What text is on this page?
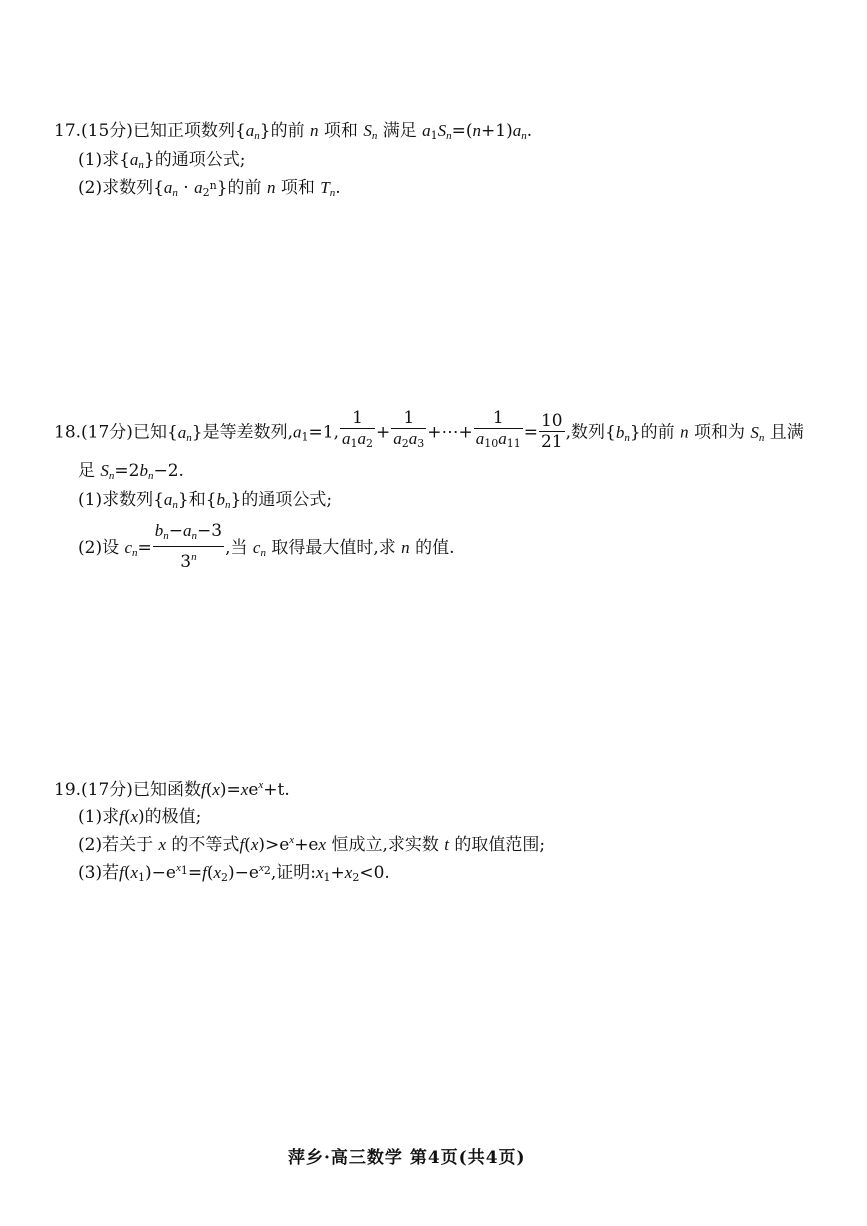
17.(15分)已知正项数列$\{a_n\}$的前 n 项和 $S_n$ 满足 $a_1S_n=(n+1)a_n$.
(1)求$\{a_n\}$的通项公式;
(2)求数列$\{a_n \cdot a_{2^n}\}$的前 n 项和 $T_n$.
18.(17分)已知$\{a_n\}$是等差数列$,a_1=1$, $\frac{1}{a_1a_2} + \frac{1}{a_2a_3}$ +⋯+ $\frac{1}{a_{10}a_{11}} = \frac{10}{21}$ ,数列$\{b_n\}$的前 n 项和为 $S_n$ 且满
足 $S_n=2b_n-2$.
(1)求数列$\{a_n\}$和$\{b_n\}$的通项公式;
(2)设 $c_n= \frac{b_n-a_n-3}{3^n}$ ,当 $c_n$ 取得最大值时,求 n 的值.
19.(17分)已知函数$f(x)=xe^x+t$.
(1)求f(x)的极值;
(2)若关于 x 的不等式$f(x)>e^x+ex$ 恒成立,求实数 t 的取值范围;
(3)若$f(x_1)-e^{x_1}=f(x_2)-e^{x_2}$,证明$:x_1+x_2<0$.
萍乡·高三数学 第4页(共4页)
